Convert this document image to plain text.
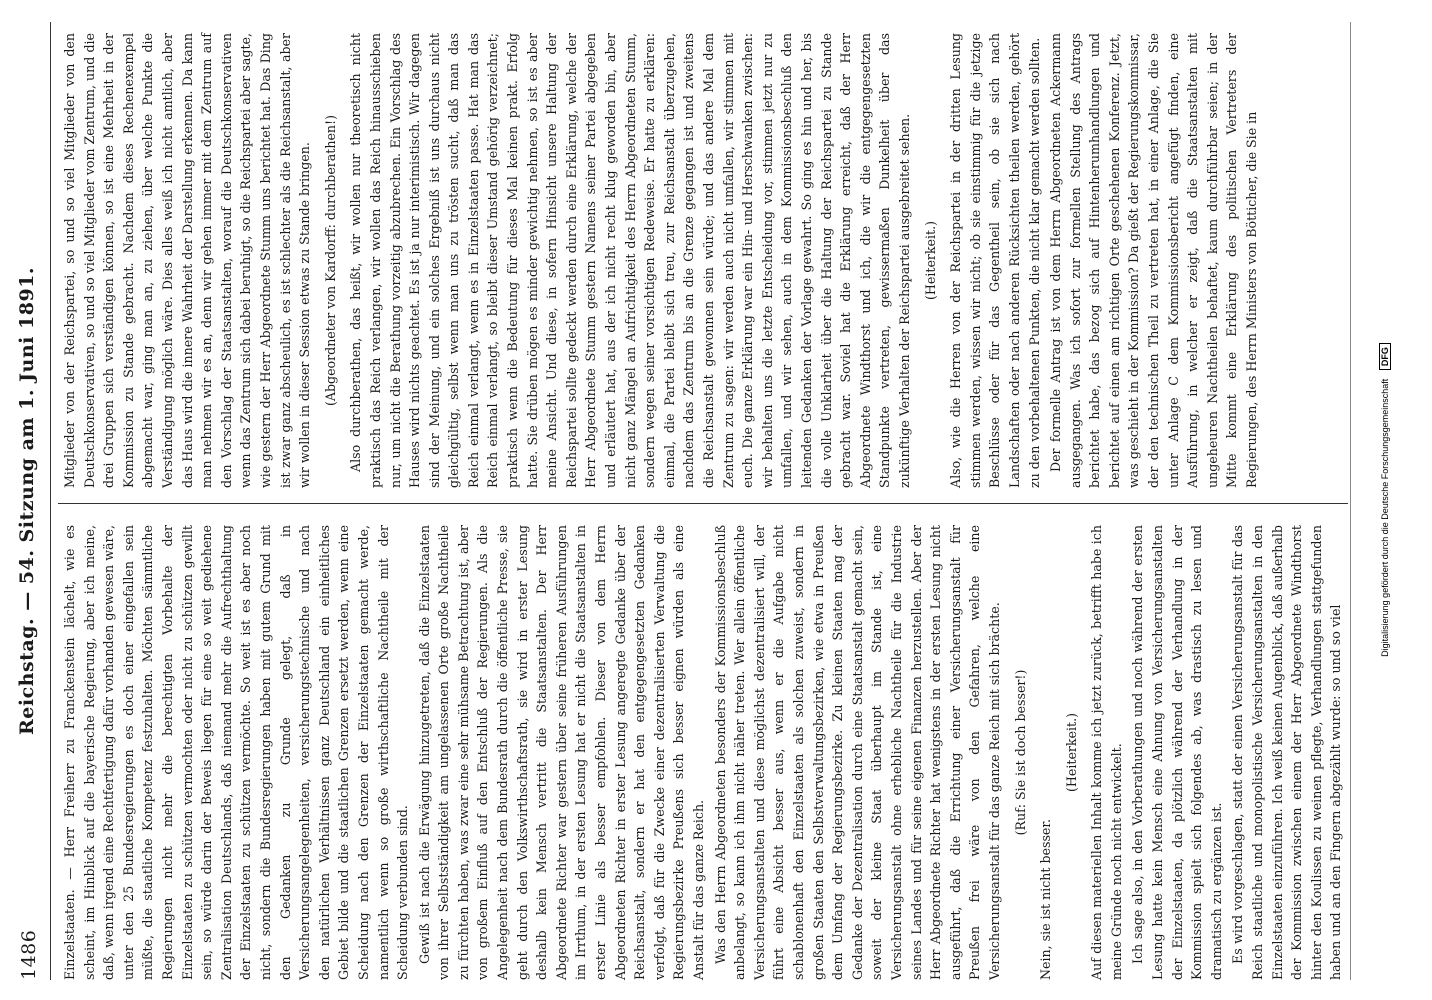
1486
Reichstag. — 54. Sitzung am 1. Juni 1891.

Einzelstaaten. — Herr Freiherr zu Franckenstein lächelt, wie es scheint, im Hinblick auf die bayerische Regierung, aber ich meine, daß, wenn irgend eine Rechtfertigung dafür vorhanden gewesen wäre, unter den 25 Bundesregierungen es doch einer eingefallen sein müßte, die staatliche Kompetenz festzuhalten. Möchten sämmtliche Regierungen nicht mehr die berechtigten Vorbehalte der Einzelstaaten zu schützen vermochten oder nicht zu schützen gewillt sein, so würde darin der Beweis liegen für eine so weit gediehene Zentralisation Deutschlands, daß niemand mehr die Aufrechthaltung der Einzelstaaten zu schützen vermöchte. So weit ist es aber noch nicht, sondern die Bundesregierungen haben mit gutem Grund mit den Gedanken zu Grunde gelegt, daß in Versicherungsangelegenheiten, versicherungstechnische und nach den natürlichen Verhältnissen ganz Deutschland ein einheitliches Gebiet bilde und die staatlichen Grenzen ersetzt werden, wenn eine Scheidung nach den Grenzen der Einzelstaaten gemacht werde, namentlich wenn so große wirthschaftliche Nachtheile mit der Scheidung verbunden sind. Gewiß ist nach die Erwägung hinzugetreten, daß die Einzelstaaten von ihrer Selbstständigkeit am ungelassenen Orte große Nachtheile zu fürchten haben, was zwar eine sehr mühsame Betrachtung ist, aber von großem Einfluß auf den Entschluß der Regierungen. Als die Angelegenheit nach dem Bundesrath durch die öffentliche Presse, sie geht durch den Volkswirthschaftsrath, sie wird in erster Lesung deshalb kein Mensch vertritt die Staatsanstalten. Der Herr Abgeordnete Richter war gestern über seine früheren Ausführungen im Irrthum, in der ersten Lesung hat er nicht die Staatsanstalten in erster Linie als besser empfohlen. Dieser von dem Herrn Abgeordneten Richter in erster Lesung angeregte Gedanke über der Reichsanstalt, sondern er hat den entgegengesetzten Gedanken verfolgt, daß für die Zwecke einer dezentralisierten Verwaltung die Regierungsbezirke Preußens sich besser eignen würden als eine Anstalt für das ganze Reich. Was den Herrn Abgeordneten besonders der Kommissionsbeschluß anbelangt, so kann ich ihm nicht näher treten. Wer allein öffentliche Versicherungsanstalten und diese möglichst dezentralisiert will, der führt eine Absicht besser aus, wenn er die Aufgabe nicht schablonenhaft den Einzelstaaten als solchen zuweist, sondern in großen Staaten den Selbstverwaltungsbezirken, wie etwa in Preußen dem Umfang der Regierungsbezirke. Zu kleinen Staaten mag der Gedanke der Dezentralisation durch eine Staatsanstalt gemacht sein, soweit der kleine Staat überhaupt im Stande ist, eine Versicherungsanstalt ohne erhebliche Nachtheile für die Industrie seines Landes und für seine eigenen Finanzen herzustellen. Aber der Herr Abgeordnete Richter hat wenigstens in der ersten Lesung nicht ausgeführt, daß die Errichtung einer Versicherungsanstalt für Preußen frei wäre von den Gefahren, welche eine Versicherungsanstalt für das ganze Reich mit sich brächte. (Ruf: Sie ist doch besser!)

Nein, sie ist nicht besser.

(Heiterkeit.) Auf diesen materiellen Inhalt komme ich jetzt zurück, betrifft habe ich meine Gründe noch nicht entwickelt. Ich sage also, in den Vorberathungen und noch während der ersten Lesung hatte kein Mensch eine Ahnung von Versicherungsanstalten der Einzelstaaten, da plötzlich während der Verhandlung in der Kommission spielt sich folgendes ab, was drastisch zu lesen und dramatisch zu ergänzen ist. Es wird vorgeschlagen, statt der einen Versicherungsanstalt für das Reich staatliche und monopolistische Versicherungsanstalten in den Einzelstaaten einzuführen. Ich weiß keinen Augenblick, daß außerhalb der Kommission zwischen einem der Herr Abgeordnete Windthorst hinter den Koulissen zu weinen pflegte, Verhandlungen stattgefunden haben und an den Fingern abgezählt wurde: so und so viel

Mitglieder von der Reichspartei, so und so viel Mitglieder von den Deutschkonservativen, so und so viel Mitglieder vom Zentrum, und die drei Gruppen sich verständigen können, so ist eine Mehrheit in der Kommission zu Stande gebracht. Nachdem dieses Rechenexempel abgemacht war, ging man an, zu ziehen, über welche Punkte die Verständigung möglich wäre. Dies alles weiß ich nicht amtlich, aber das Haus wird die innere Wahrheit der Darstellung erkennen. Da kann man nehmen wir es an, denn wir gehen immer mit dem Zentrum auf den Vorschlag der Staatsanstalten, worauf die Deutschkonservativen wenn das Zentrum sich dabei beruhigt, so die Reichspartei aber sagte, wie gestern der Herr Abgeordnete Stumm uns berichtet hat. Das Ding ist zwar ganz abscheulich, es ist schlechter als die Reichsanstalt, aber wir wollen in dieser Session etwas zu Stande bringen. (Abgeordneter von Kardorff: durchberathen!) Also durchberathen, das heißt, wir wollen nur theoretisch nicht praktisch das Reich verlangen, wir wollen das Reich hinausschieben nur, um nicht die Berathung vorzeitig abzubrechen. Ein Vorschlag des Hauses wird nichts geachtet. Es ist ja nur interimistisch. Wir dagegen sind der Meinung, und ein solches Ergebniß ist uns durchaus nicht gleichgültig, selbst wenn man uns zu trösten sucht, daß man das Reich einmal verlangt, wenn es in Einzelstaaten passe. Hat man das Reich einmal verlangt, so bleibt dieser Umstand gehörig verzeichnet; praktisch wenn die Bedeutung für dieses Mal keinen prakt. Erfolg hatte. Sie drüben mögen es minder gewichtig nehmen, so ist es aber meine Ansicht. Und diese, in sofern Hinsicht unsere Haltung der Reichspartei sollte gedeckt werden durch eine Erklärung, welche der Herr Abgeordnete Stumm gestern Namens seiner Partei abgegeben und erläutert hat, aus der ich nicht recht klug geworden bin, aber nicht ganz Mängel an Aufrichtigkeit des Herrn Abgeordneten Stumm, sondern wegen seiner vorsichtigen Redeweise. Er hatte zu erklären: einmal, die Partei bleibt sich treu, zur Reichsanstalt überzugehen, nachdem das Zentrum bis an die Grenze gegangen ist und zweitens die Reichsanstalt gewonnen sein würde; und das andere Mal dem Zentrum zu sagen: wir werden auch nicht umfallen, wir stimmen mit euch. Die ganze Erklärung war ein Hin- und Herschwanken zwischen: wir behalten uns die letzte Entscheidung vor, stimmen jetzt nur zu umfallen, und wir sehen, auch in dem Kommissionsbeschluß den leitenden Gedanken der Vorlage gewahrt. So ging es hin und her, bis die volle Unklarheit über die Haltung der Reichspartei zu Stande gebracht war. Soviel hat die Erklärung erreicht, daß der Herr Abgeordnete Windthorst und ich, die wir die entgegengesetzten Standpunkte vertreten, gewissermaßen Dunkelheit über das zukünftige Verhalten der Reichspartei ausgebreitet sehen. (Heiterkeit.) Also, wie die Herren von der Reichspartei in der dritten Lesung stimmen werden, wissen wir nicht; ob sie einstimmig für die jetzige Beschlüsse oder für das Gegentheil sein, ob sie sich nach Landschaften oder nach anderen Rücksichten theilen werden, gehört zu den vorbehaltenen Punkten, die nicht klar gemacht werden sollten. Der formelle Antrag ist von dem Herrn Abgeordneten Ackermann ausgegangen. Was ich sofort zur formellen Stellung des Antrags berichtet habe, das bezog sich auf Hintenherumhandlungen und berichtet auf einen am richtigen Orte geschehenen Konferenz. Jetzt, was geschieht in der Kommission? Da gießt der Regierungskommissar, der den technischen Theil zu vertreten hat, in einer Anlage, die Sie unter Anlage C dem Kommissionsbericht angefügt finden, eine Ausführung, in welcher er zeigt, daß die Staatsanstalten mit ungeheuren Nachtheilen behaftet, kaum durchführbar seien; in der Mitte kommt eine Erklärung des politischen Vertreters der Regierungen, des Herrn Ministers von Bötticher, die Sie in

Digitalisierung gefördert durch die Deutsche Forschungsgemeinschaft DFG
